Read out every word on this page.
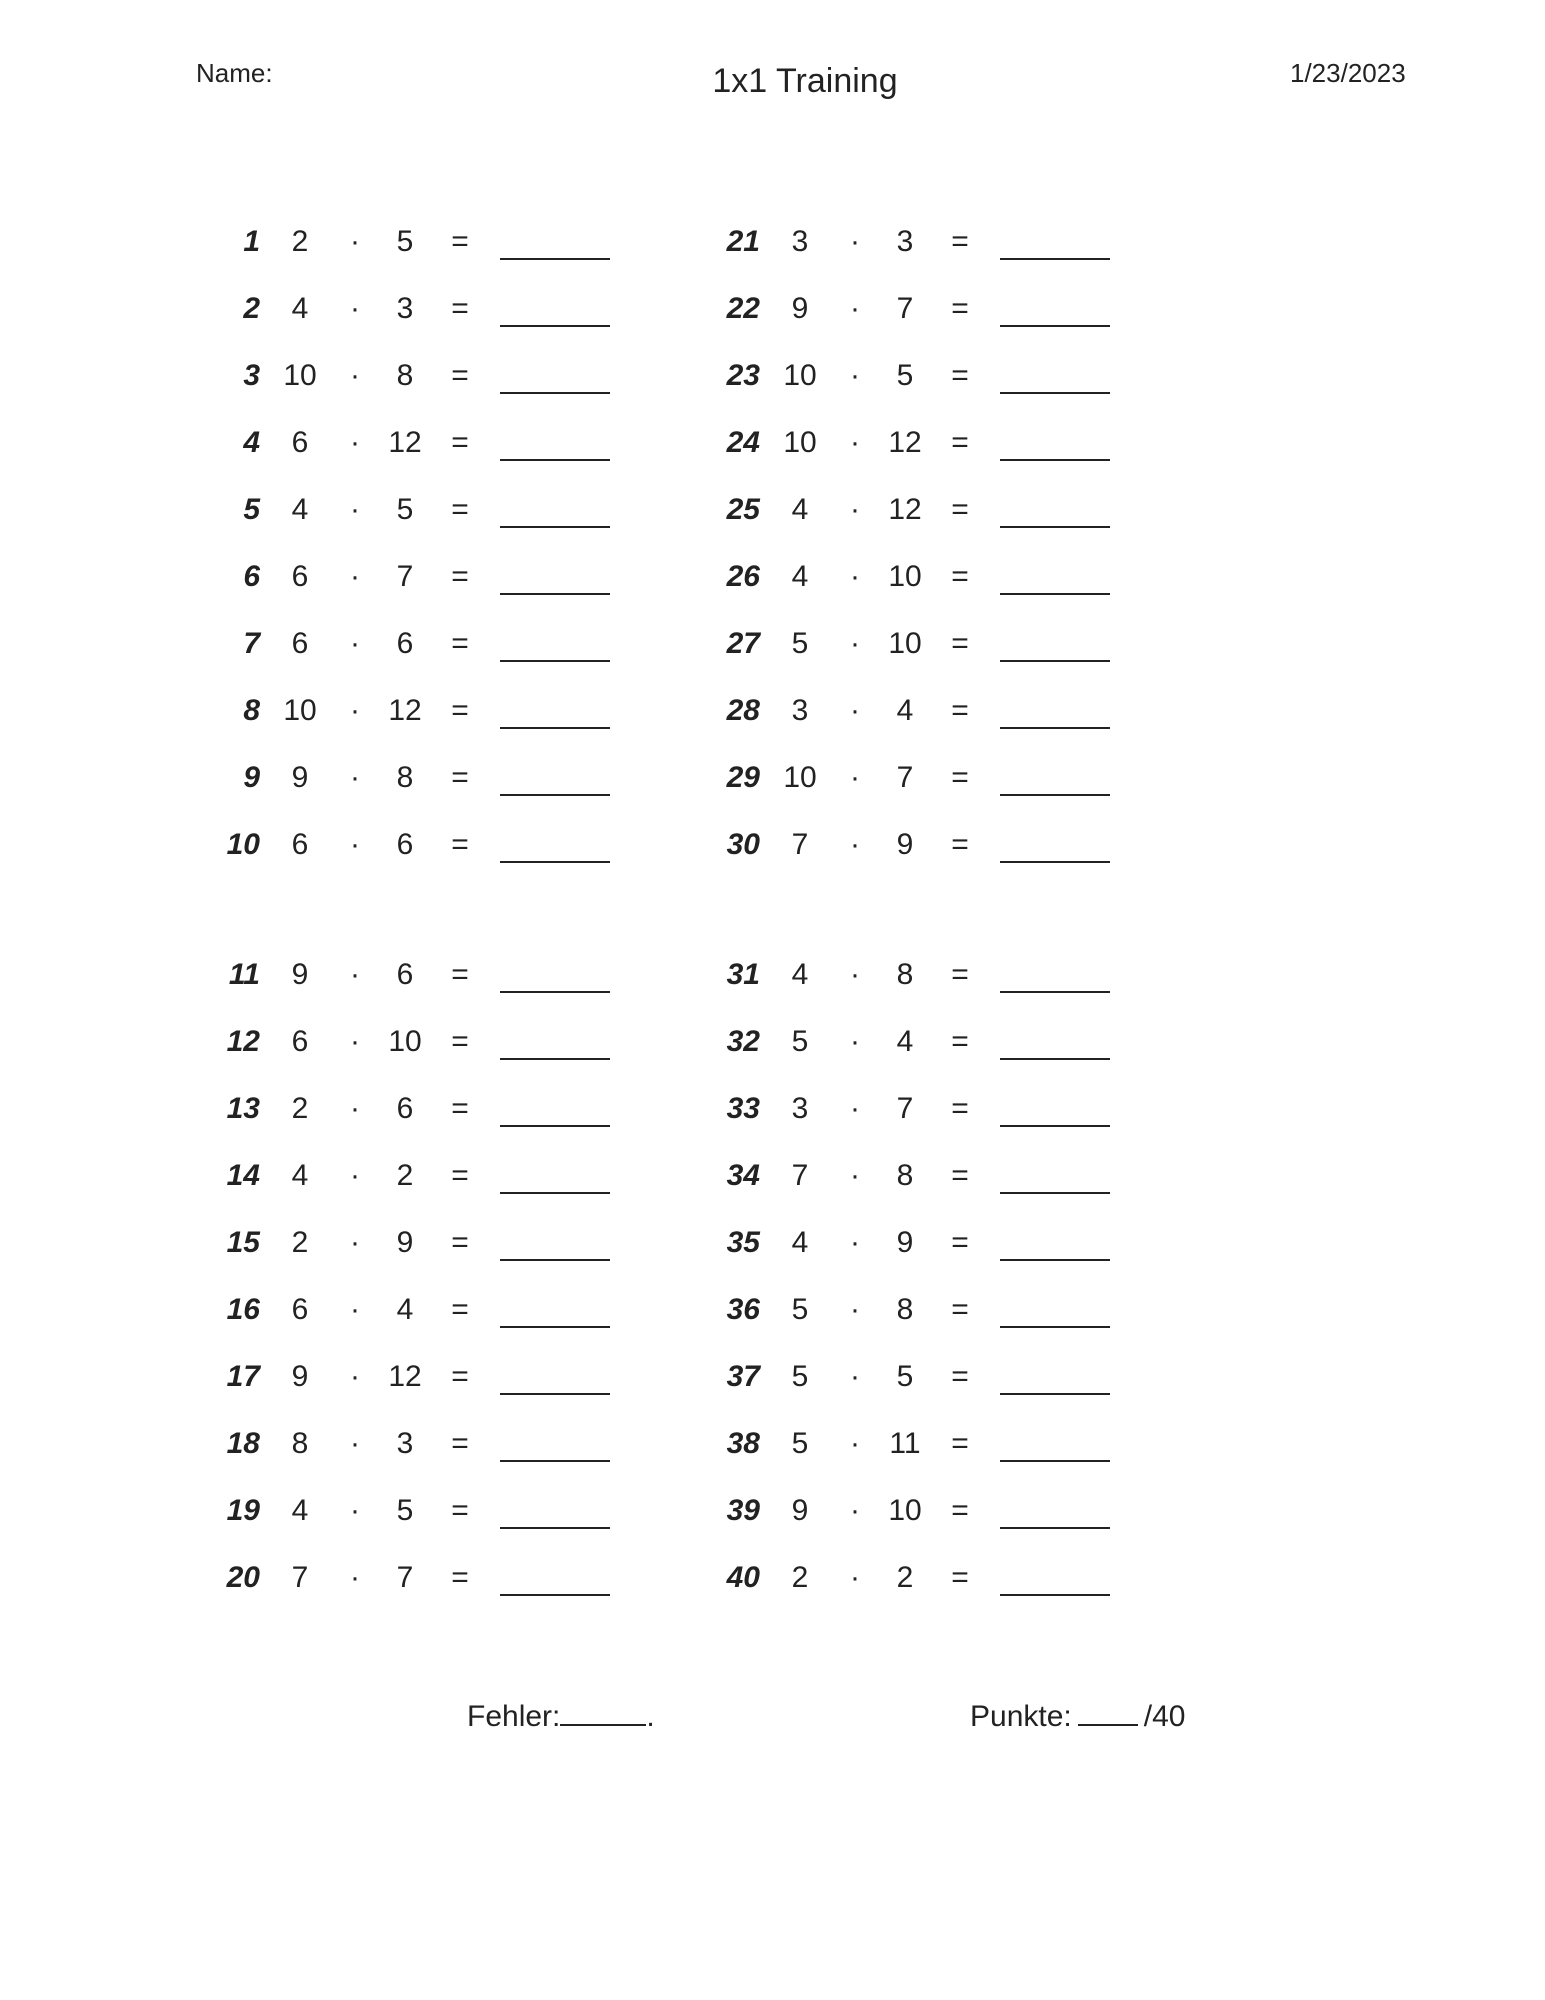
Name:	1x1 Training	1/23/2023
1	2	·	5	=
2	4	·	3	=
3 10	·	8	=
4	6	· 12 =
5	4	·	5	=
6	6	·	7	=
7	6	·	6	=
8 10	· 12 =
9	9	·	8	=
10	6	·	6	=
11	9	·	6	=
12	6	· 10 =
13	2	·	6	=
14	4	·	2	=
15	2	·	9	=
16	6	·	4	=
17	9	· 12 =
18	8	·	3	=
19	4	·	5	=
20	7	·	7	=
21	3	·	3	=
22	9	·	7	=
23 10	·	5	=
24 10	· 12 =
25	4	· 12 =
26	4	· 10 =
27	5	· 10 =
28	3	·	4	=
29 10	·	7	=
30	7	·	9	=
31	4	·	8	=
32	5	·	4	=
33	3	·	7	=
34	7	·	8	=
35	4	·	9	=
36	5	·	8	=
37	5	·	5	=
38	5	· 11	=
39	9	· 10 =
40	2	·	2	=
Fehler:	.	Punkte: /40
